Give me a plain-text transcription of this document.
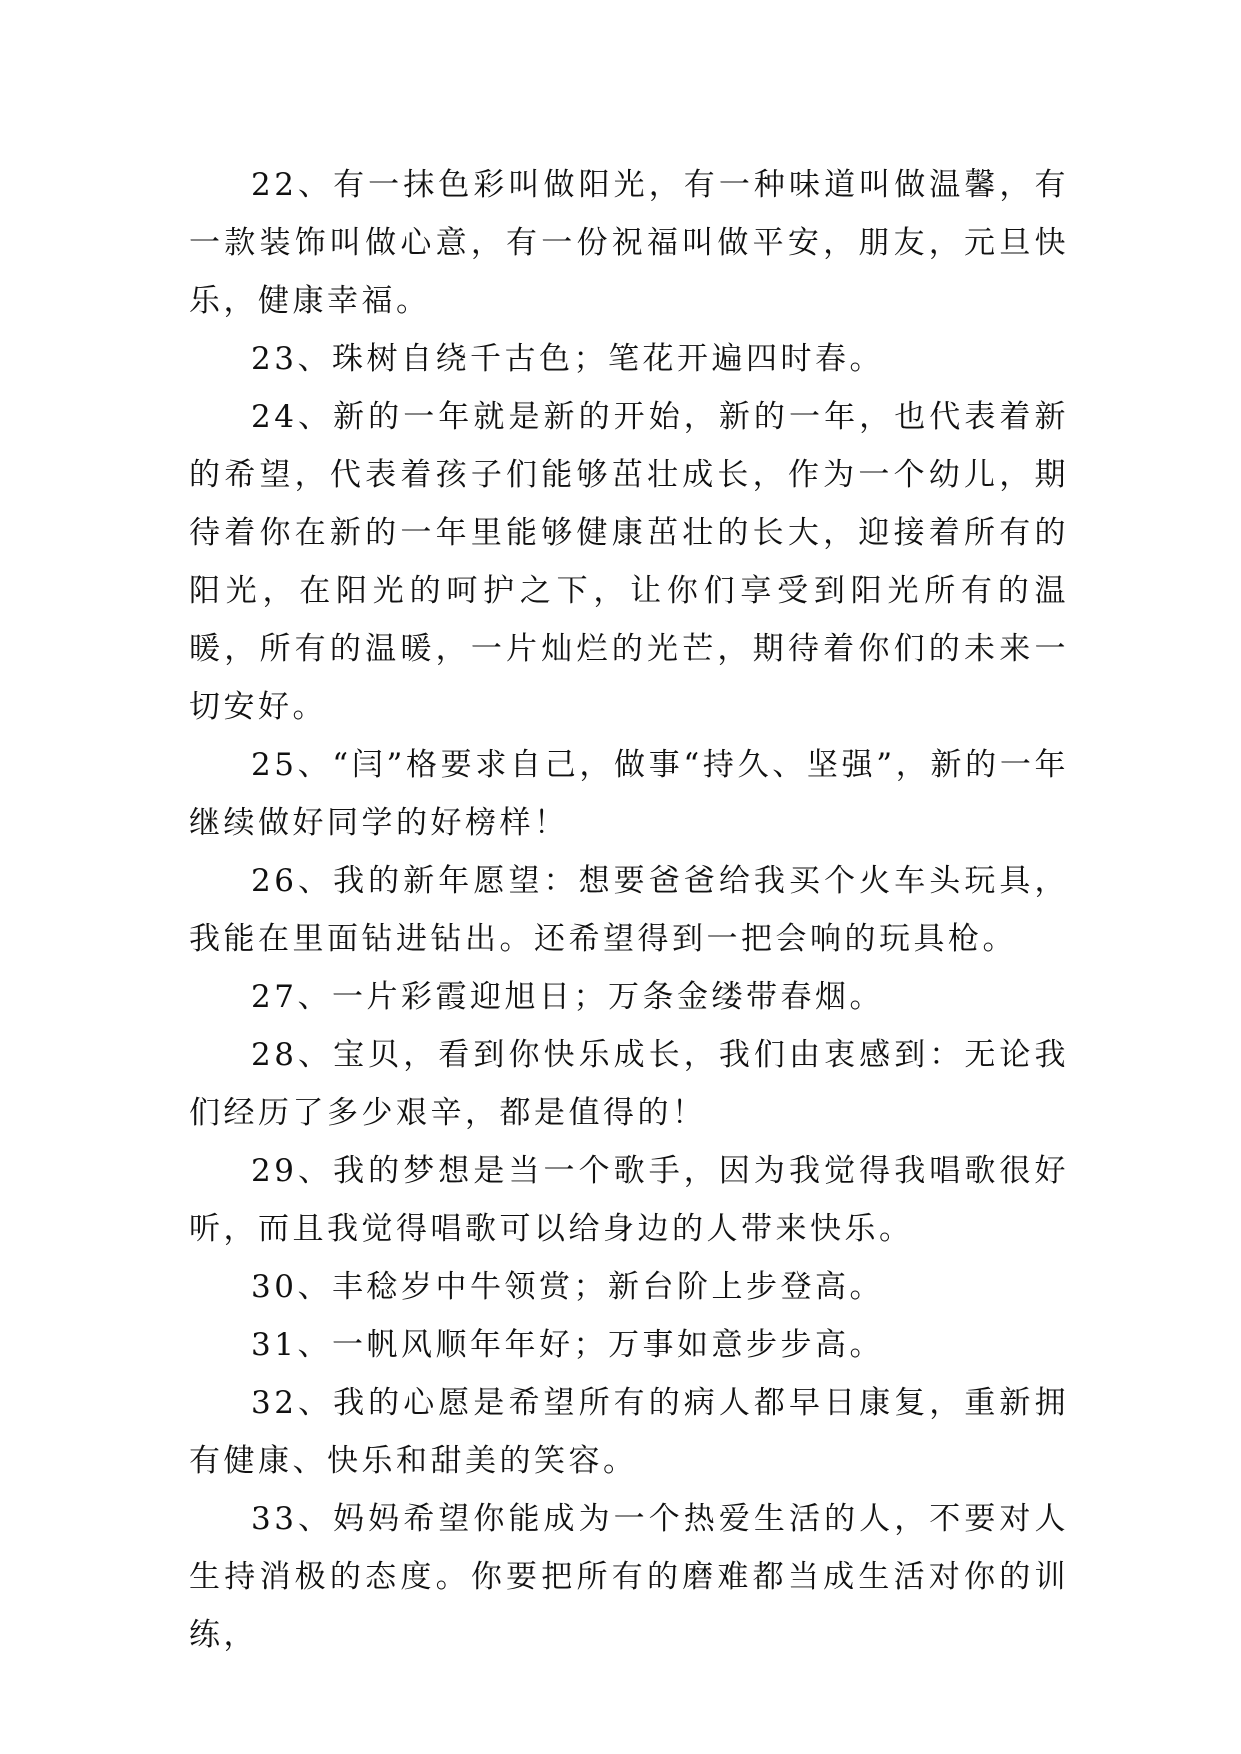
22、有一抹色彩叫做阳光，有一种味道叫做温馨，有一款装饰叫做心意，有一份祝福叫做平安，朋友，元旦快乐，健康幸福。

23、珠树自绕千古色；笔花开遍四时春。

24、新的一年就是新的开始，新的一年，也代表着新的希望，代表着孩子们能够茁壮成长，作为一个幼儿，期待着你在新的一年里能够健康茁壮的长大，迎接着所有的阳光，在阳光的呵护之下，让你们享受到阳光所有的温暖，所有的温暖，一片灿烂的光芒，期待着你们的未来一切安好。

25、“闫”格要求自己，做事“持久、坚强”，新的一年继续做好同学的好榜样！

26、我的新年愿望：想要爸爸给我买个火车头玩具，我能在里面钻进钻出。还希望得到一把会响的玩具枪。

27、一片彩霞迎旭日；万条金缕带春烟。

28、宝贝，看到你快乐成长，我们由衷感到：无论我们经历了多少艰辛，都是值得的！

29、我的梦想是当一个歌手，因为我觉得我唱歌很好听，而且我觉得唱歌可以给身边的人带来快乐。

30、丰稔岁中牛领赏；新台阶上步登高。

31、一帆风顺年年好；万事如意步步高。

32、我的心愿是希望所有的病人都早日康复，重新拥有健康、快乐和甜美的笑容。

33、妈妈希望你能成为一个热爱生活的人，不要对人生持消极的态度。你要把所有的磨难都当成生活对你的训练，
